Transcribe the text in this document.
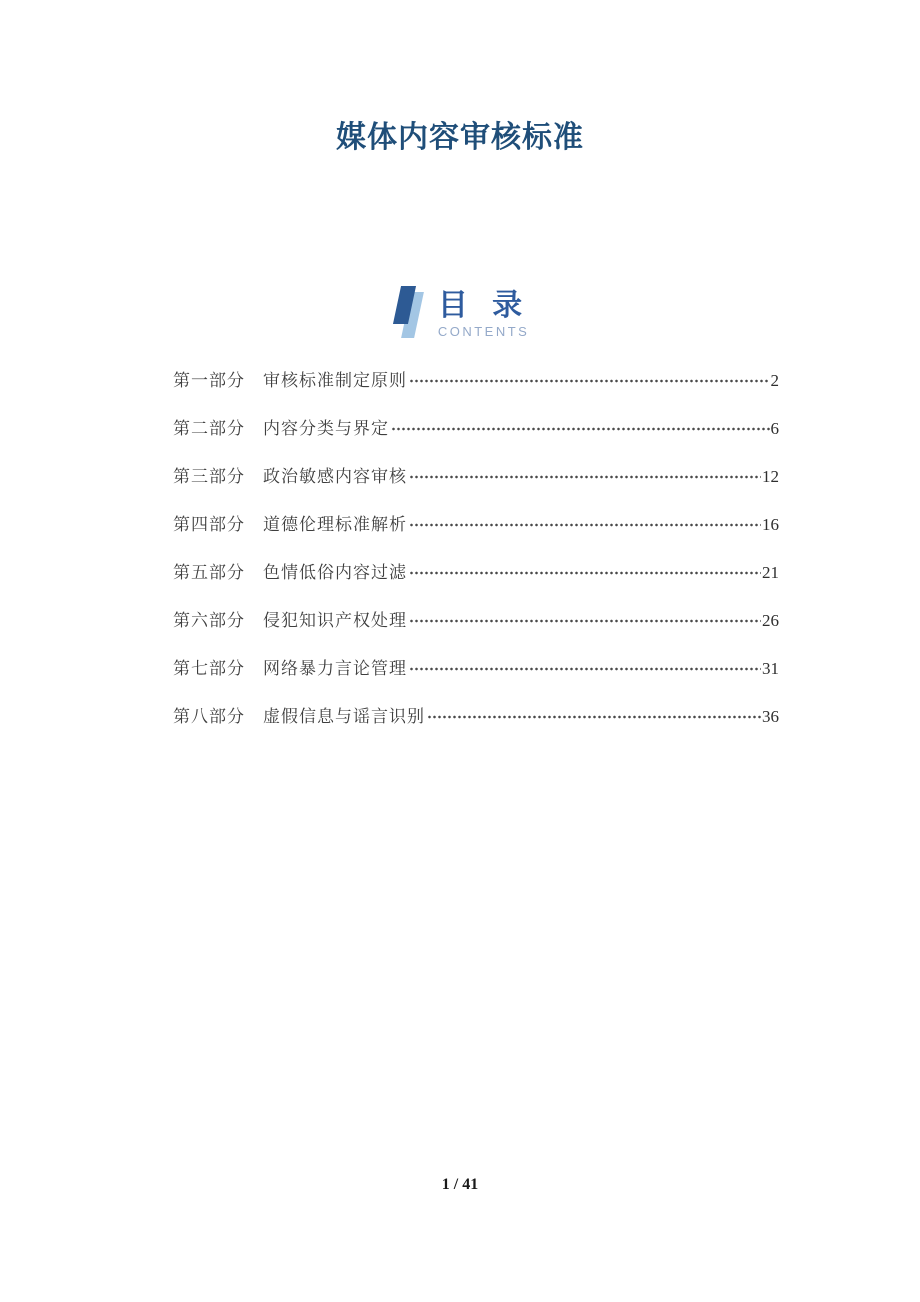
媒体内容审核标准
目 录
CONTENTS
第一部分 审核标准制定原则	2
第二部分 内容分类与界定	6
第三部分 政治敏感内容审核	12
第四部分 道德伦理标准解析	16
第五部分 色情低俗内容过滤	21
第六部分 侵犯知识产权处理	26
第七部分 网络暴力言论管理	31
第八部分 虚假信息与谣言识别	36
1 / 41
